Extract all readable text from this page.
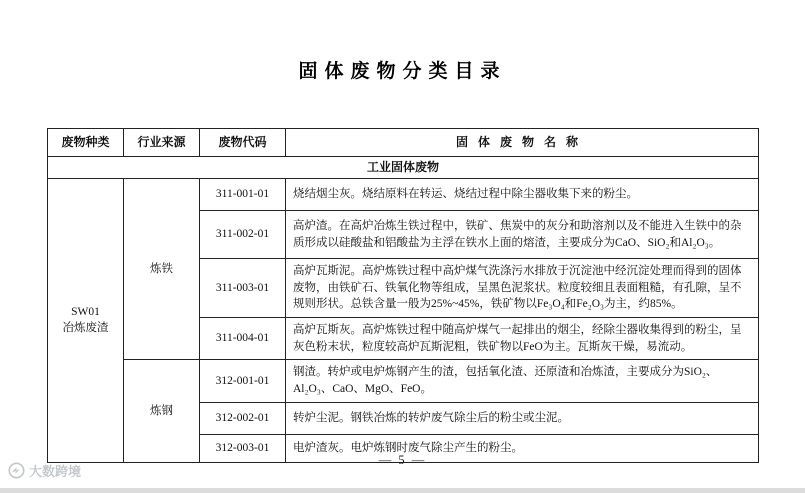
固体废物分类目录
废物种类	行业来源	废物代码	固体废物名称
工业固体废物			

SW01
冶炼废渣	炼铁	311-001-01	烧结烟尘灰。烧结原料在转运、烧结过程中除尘器收集下来的粉尘。
		311-002-01	高炉渣。在高炉冶炼生铁过程中，铁矿、焦炭中的灰分和助溶剂以及不能进入生铁中的杂质形成以硅酸盐和铝酸盐为主浮在铁水上面的熔渣，主要成分为CaO、SiO₂和Al₂O₃。
		311-003-01	高炉瓦斯泥。高炉炼铁过程中高炉煤气洗涤污水排放于沉淀池中经沉淀处理而得到的固体废物，由铁矿石、铁氧化物等组成，呈黑色泥浆状。粒度较细且表面粗糙，有孔隙，呈不规则形状。总铁含量一般为25%~45%，铁矿物以Fe₃O₄和Fe₂O₃为主，约85%。
		311-004-01	高炉瓦斯灰。高炉炼铁过程中随高炉煤气一起排出的烟尘，经除尘器收集得到的粉尘，呈灰色粉末状，粒度较高炉瓦斯泥粗，铁矿物以FeO为主。瓦斯灰干燥，易流动。
	炼钢	312-001-01	钢渣。转炉或电炉炼钢产生的渣，包括氧化渣、还原渣和冶炼渣，主要成分为SiO₂、Al₂O₃、CaO、MgO、FeO。
		312-002-01	转炉尘泥。钢铁冶炼的转炉废气除尘后的粉尘或尘泥。
		312-003-01	电炉渣灰。电炉炼钢时废气除尘产生的粉尘。
— 5 —
大数跨境
